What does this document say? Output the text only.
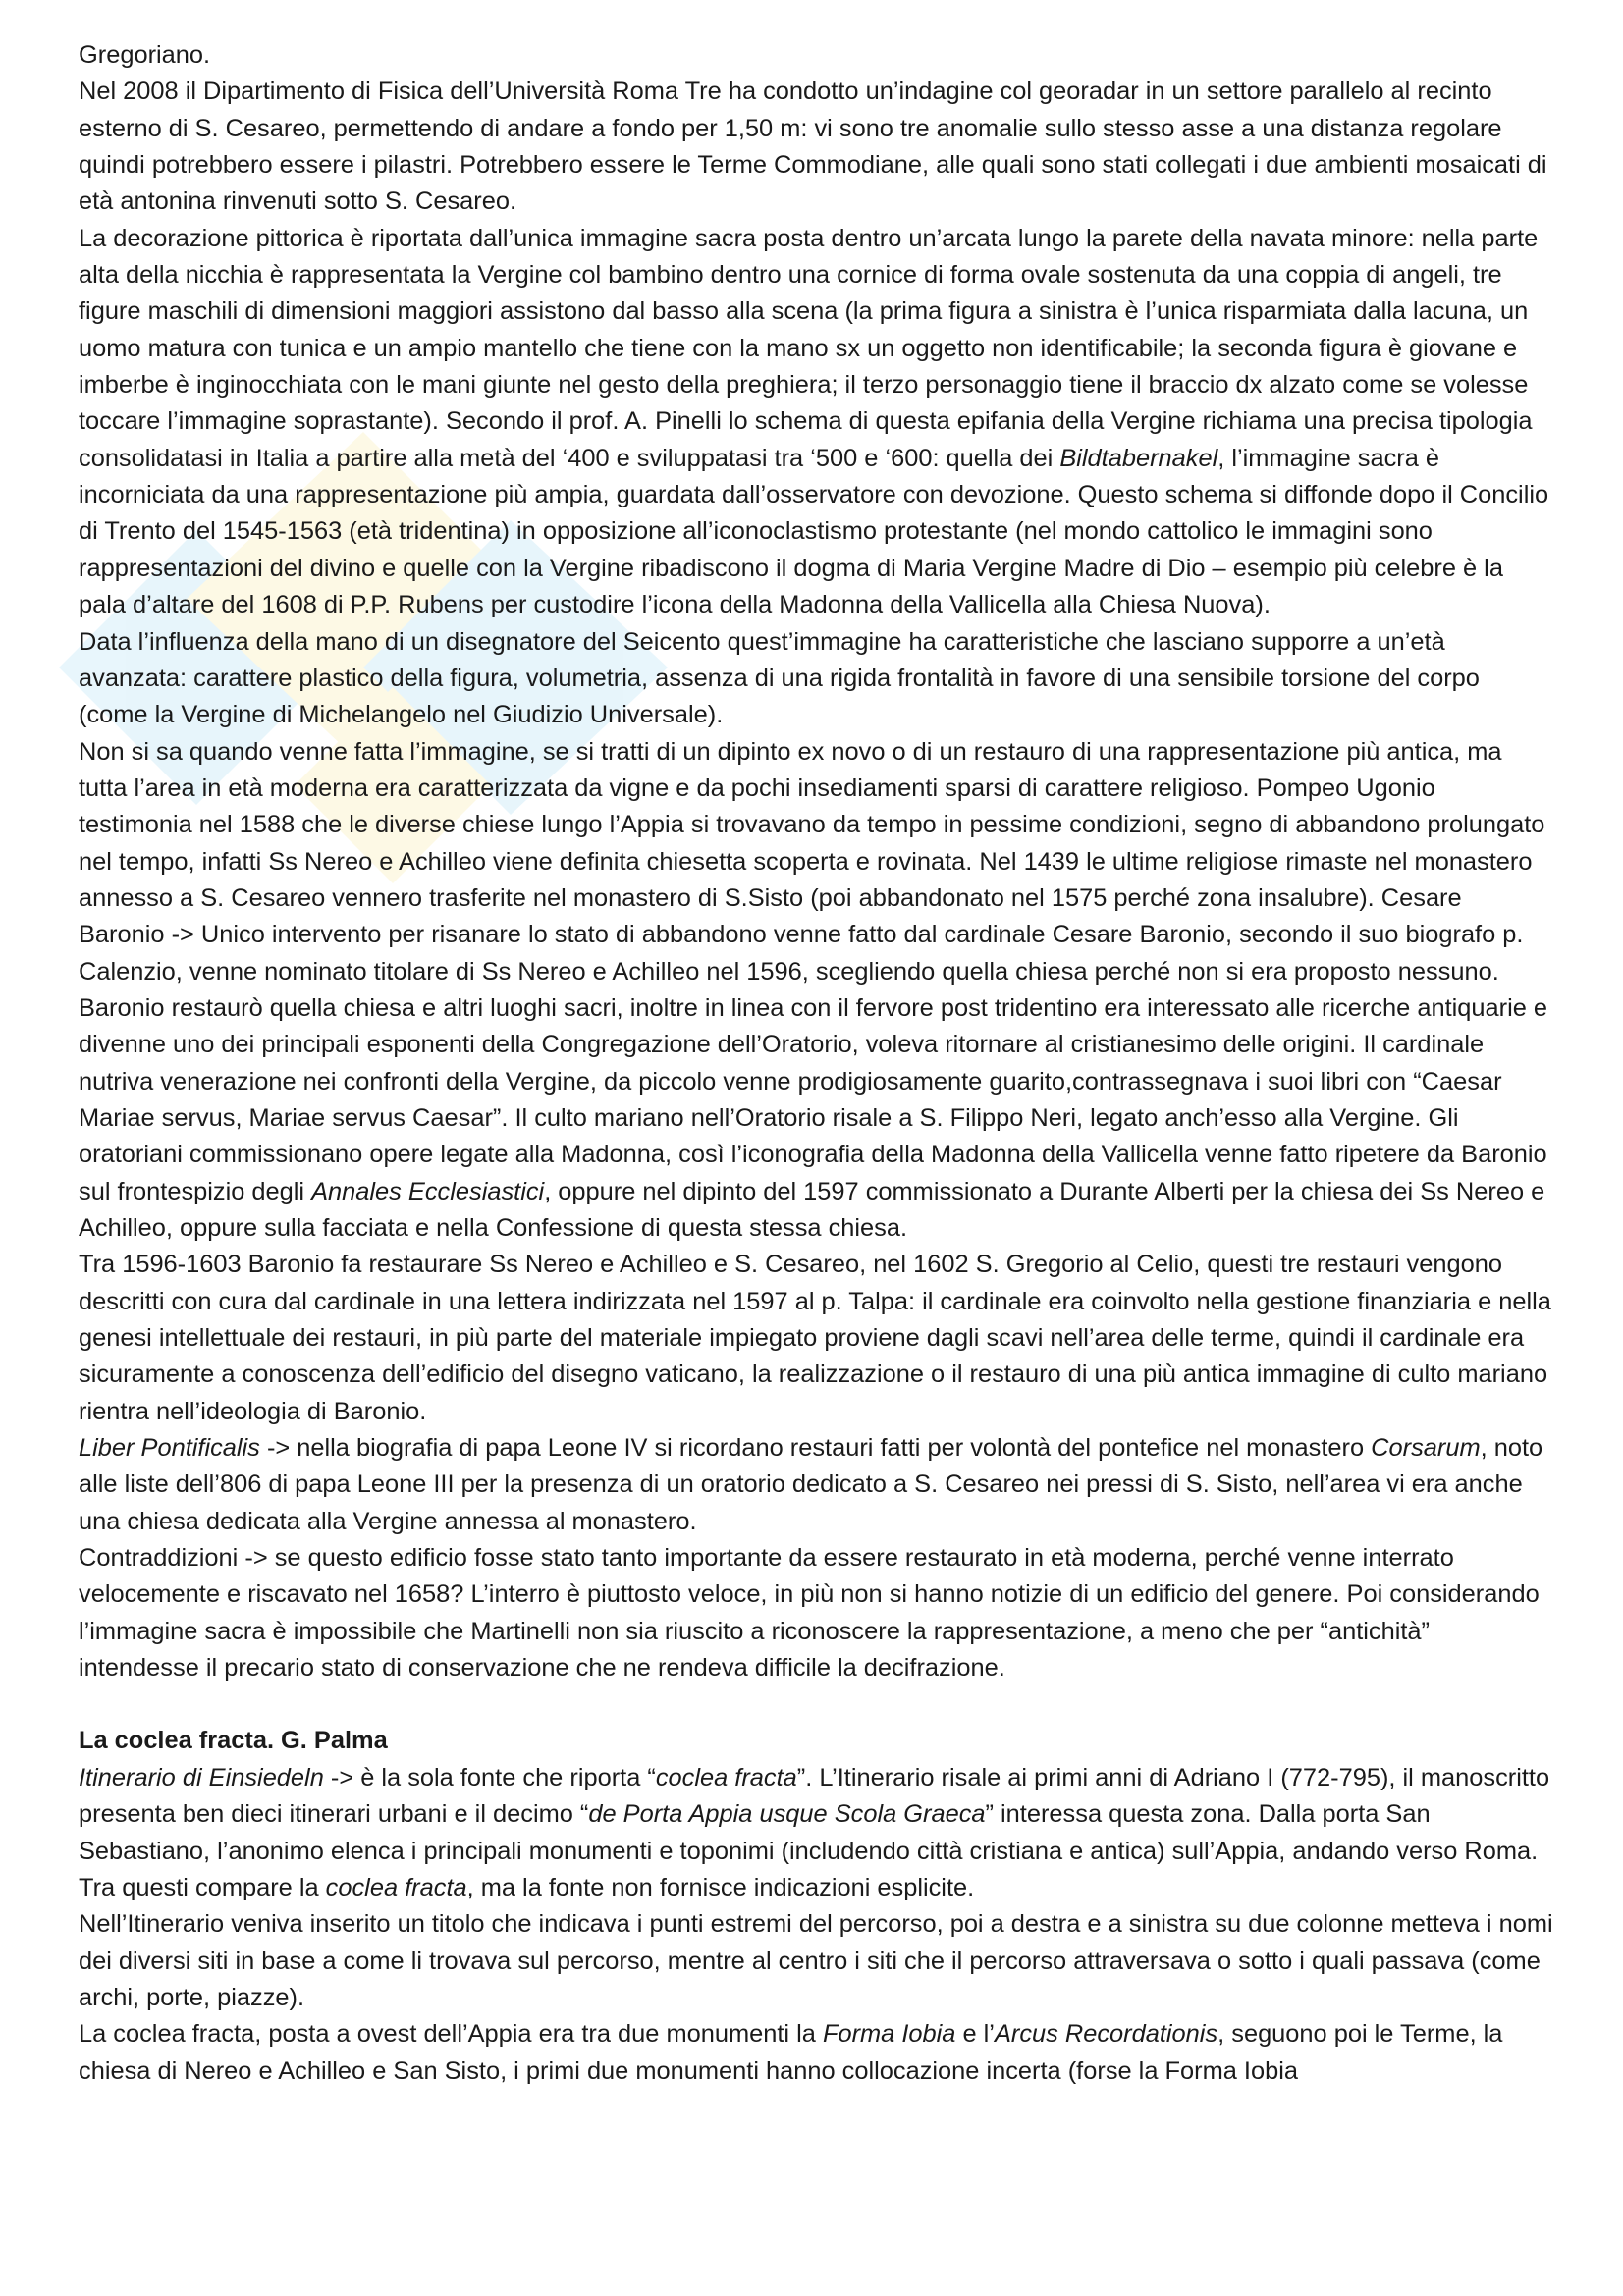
Gregoriano.

Nel 2008 il Dipartimento di Fisica dell’Università Roma Tre ha condotto un’indagine col georadar in un settore parallelo al recinto esterno di S. Cesareo, permettendo di andare a fondo per 1,50 m: vi sono tre anomalie sullo stesso asse a una distanza regolare quindi potrebbero essere i pilastri. Potrebbero essere le Terme Commodiane, alle quali sono stati collegati i due ambienti mosaicati di età antonina rinvenuti sotto S. Cesareo.

La decorazione pittorica è riportata dall’unica immagine sacra posta dentro un’arcata lungo la parete della navata minore: nella parte alta della nicchia è rappresentata la Vergine col bambino dentro una cornice di forma ovale sostenuta da una coppia di angeli, tre figure maschili di dimensioni maggiori assistono dal basso alla scena (la prima figura a sinistra è l’unica risparmiata dalla lacuna, un uomo matura con tunica e un ampio mantello che tiene con la mano sx un oggetto non identificabile; la seconda figura è giovane e imberbe è inginocchiata con le mani giunte nel gesto della preghiera; il terzo personaggio tiene il braccio dx alzato come se volesse toccare l’immagine soprastante). Secondo il prof. A. Pinelli lo schema di questa epifania della Vergine richiama una precisa tipologia consolidatasi in Italia a partire alla metà del ‘400 e sviluppatasi tra ‘500 e ‘600: quella dei Bildtabernakel, l’immagine sacra è incorniciata da una rappresentazione più ampia, guardata dall’osservatore con devozione. Questo schema si diffonde dopo il Concilio di Trento del 1545-1563 (età tridentina) in opposizione all’iconoclastismo protestante (nel mondo cattolico le immagini sono rappresentazioni del divino e quelle con la Vergine ribadiscono il dogma di Maria Vergine Madre di Dio – esempio più celebre è la pala d’altare del 1608 di P.P. Rubens per custodire l’icona della Madonna della Vallicella alla Chiesa Nuova).

Data l’influenza della mano di un disegnatore del Seicento quest’immagine ha caratteristiche che lasciano supporre a un’età avanzata: carattere plastico della figura, volumetria, assenza di una rigida frontalità in favore di una sensibile torsione del corpo (come la Vergine di Michelangelo nel Giudizio Universale).

Non si sa quando venne fatta l’immagine, se si tratti di un dipinto ex novo o di un restauro di una rappresentazione più antica, ma tutta l’area in età moderna era caratterizzata da vigne e da pochi insediamenti sparsi di carattere religioso. Pompeo Ugonio testimonia nel 1588 che le diverse chiese lungo l’Appia si trovavano da tempo in pessime condizioni, segno di abbandono prolungato nel tempo, infatti Ss Nereo e Achilleo viene definita chiesetta scoperta e rovinata. Nel 1439 le ultime religiose rimaste nel monastero annesso a S. Cesareo vennero trasferite nel monastero di S.Sisto (poi abbandonato nel 1575 perché zona insalubre). Cesare Baronio -> Unico intervento per risanare lo stato di abbandono venne fatto dal cardinale Cesare Baronio, secondo il suo biografo p. Calenzio, venne nominato titolare di Ss Nereo e Achilleo nel 1596, scegliendo quella chiesa perché non si era proposto nessuno. Baronio restaurò quella chiesa e altri luoghi sacri, inoltre in linea con il fervore post tridentino era interessato alle ricerche antiquarie e divenne uno dei principali esponenti della Congregazione dell’Oratorio, voleva ritornare al cristianesimo delle origini. Il cardinale nutriva venerazione nei confronti della Vergine, da piccolo venne prodigiosamente guarito,contrassegnava i suoi libri con “Caesar Mariae servus, Mariae servus Caesar”. Il culto mariano nell’Oratorio risale a S. Filippo Neri, legato anch’esso alla Vergine. Gli oratoriani commissionano opere legate alla Madonna, così l’iconografia della Madonna della Vallicella venne fatto ripetere da Baronio sul frontespizio degli Annales Ecclesiastici, oppure nel dipinto del 1597 commissionato a Durante Alberti per la chiesa dei Ss Nereo e Achilleo, oppure sulla facciata e nella Confessione di questa stessa chiesa.

Tra 1596-1603 Baronio fa restaurare Ss Nereo e Achilleo e S. Cesareo, nel 1602 S. Gregorio al Celio, questi tre restauri vengono descritti con cura dal cardinale in una lettera indirizzata nel 1597 al p. Talpa: il cardinale era coinvolto nella gestione finanziaria e nella genesi intellettuale dei restauri, in più parte del materiale impiegato proviene dagli scavi nell’area delle terme, quindi il cardinale era sicuramente a conoscenza dell’edificio del disegno vaticano, la realizzazione o il restauro di una più antica immagine di culto mariano rientra nell’ideologia di Baronio.

Liber Pontificalis -> nella biografia di papa Leone IV si ricordano restauri fatti per volontà del pontefice nel monastero Corsarum, noto alle liste dell’806 di papa Leone III per la presenza di un oratorio dedicato a S. Cesareo nei pressi di S. Sisto, nell’area vi era anche una chiesa dedicata alla Vergine annessa al monastero.

Contraddizioni -> se questo edificio fosse stato tanto importante da essere restaurato in età moderna, perché venne interrato velocemente e riscavato nel 1658? L’interro è piuttosto veloce, in più non si hanno notizie di un edificio del genere. Poi considerando l’immagine sacra è impossibile che Martinelli non sia riuscito a riconoscere la rappresentazione, a meno che per “antichità” intendesse il precario stato di conservazione che ne rendeva difficile la decifrazione.

La coclea fracta. G. Palma

Itinerario di Einsiedeln -> è la sola fonte che riporta “coclea fracta”. L’Itinerario risale ai primi anni di Adriano I (772-795), il manoscritto presenta ben dieci itinerari urbani e il decimo “de Porta Appia usque Scola Graeca” interessa questa zona. Dalla porta San Sebastiano, l’anonimo elenca i principali monumenti e toponimi (includendo città cristiana e antica) sull’Appia, andando verso Roma. Tra questi compare la coclea fracta, ma la fonte non fornisce indicazioni esplicite.

Nell’Itinerario veniva inserito un titolo che indicava i punti estremi del percorso, poi a destra e a sinistra su due colonne metteva i nomi dei diversi siti in base a come li trovava sul percorso, mentre al centro i siti che il percorso attraversava o sotto i quali passava (come archi, porte, piazze).

La coclea fracta, posta a ovest dell’Appia era tra due monumenti la Forma Iobia e l’Arcus Recordationis, seguono poi le Terme, la chiesa di Nereo e Achilleo e San Sisto, i primi due monumenti hanno collocazione incerta (forse la Forma Iobia
